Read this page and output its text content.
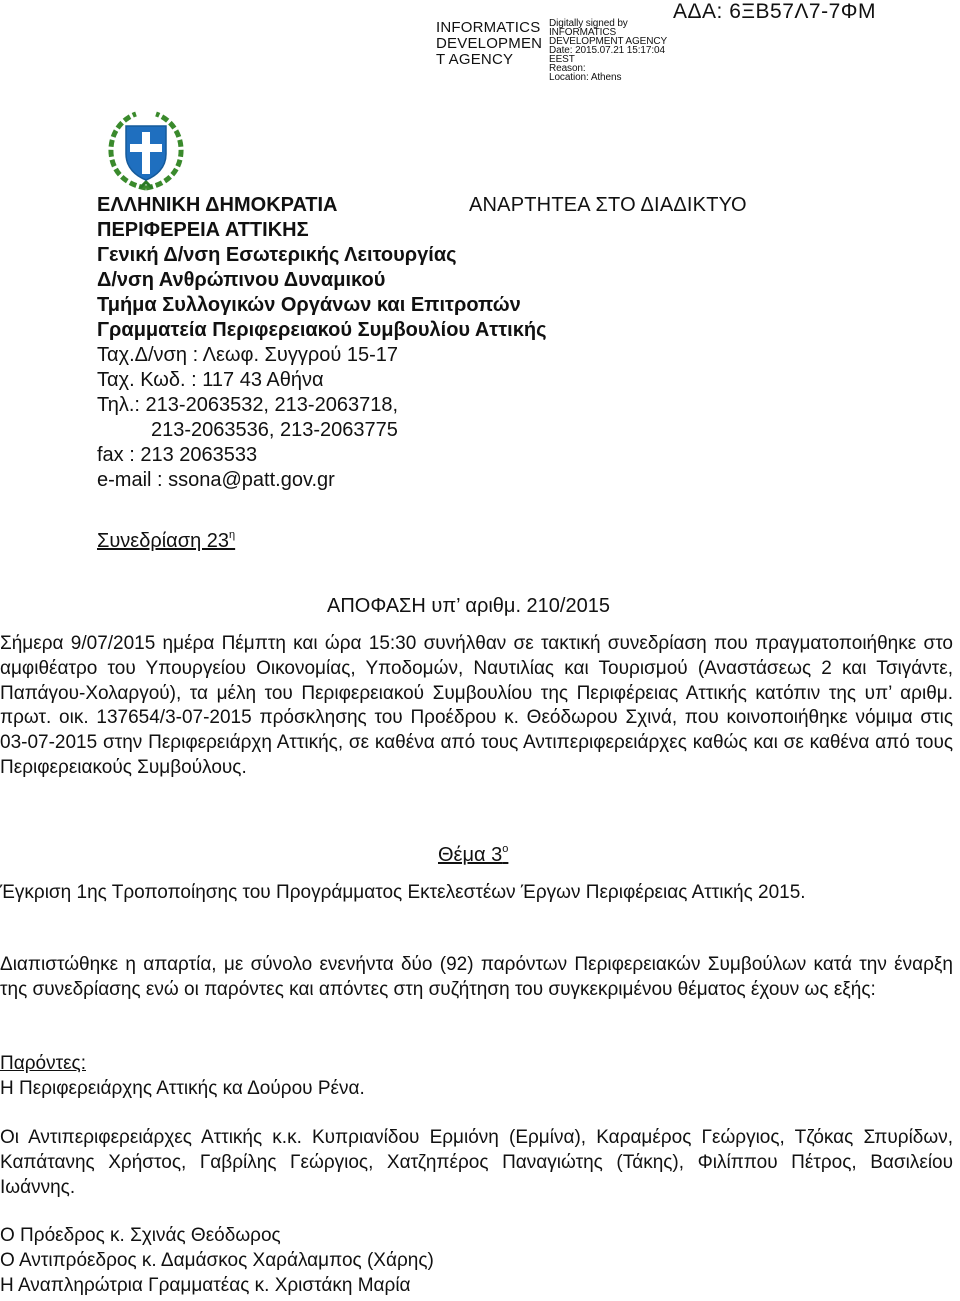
INFORMATICS DEVELOPMENT AGENCY
Digitally signed by
INFORMATICS
DEVELOPMENT AGENCY
Date: 2015.07.21 15:17:04
EEST
Reason:
Location: Athens
ΑΔΑ: 6ΞΒ57Λ7-7ΦΜ
ΕΛΛΗΝΙΚΗ ΔΗΜΟΚΡΑΤΙΑ	ΑΝΑΡΤΗΤΕΑ ΣΤΟ ΔΙΑΔΙΚΤΥΟ
ΠΕΡΙΦΕΡΕΙΑ ΑΤΤΙΚΗΣ
Γενική Δ/νση Εσωτερικής Λειτουργίας
Δ/νση Ανθρώπινου Δυναμικού
Τμήμα Συλλογικών Οργάνων και Επιτροπών
Γραμματεία Περιφερειακού Συμβουλίου Αττικής
Ταχ.Δ/νση : Λεωφ. Συγγρού 15-17
Ταχ. Κωδ. : 117 43 Αθήνα
Τηλ.: 213-2063532, 213-2063718,
213-2063536, 213-2063775
fax : 213 2063533
e-mail : ssona@patt.gov.gr
Συνεδρίαση $23^\eta$
ΑΠΟΦΑΣΗ υπ’ αριθμ. 210/2015
Σήμερα 9/07/2015 ημέρα Πέμπτη και ώρα 15:30 συνήλθαν σε τακτική συνεδρίαση που πραγματοποιήθηκε στο αμφιθέατρο του Υπουργείου Οικονομίας, Υποδομών, Ναυτιλίας και Τουρισμού (Αναστάσεως 2 και Τσιγάντε, Παπάγου-Χολαργού), τα μέλη του Περιφερειακού Συμβουλίου της Περιφέρειας Αττικής κατόπιν της υπ’ αριθμ. πρωτ. οικ. 137654/3-07-2015 πρόσκλησης του Προέδρου κ. Θεόδωρου Σχινά, που κοινοποιήθηκε νόμιμα στις 03-07-2015 στην Περιφερειάρχη Αττικής, σε καθένα από τους Αντιπεριφερειάρχες καθώς και σε καθένα από τους Περιφερειακούς Συμβούλους.
Θέμα $3^o$
Έγκριση 1ης Τροποποίησης του Προγράμματος Εκτελεστέων Έργων Περιφέρειας Αττικής 2015.
Διαπιστώθηκε η απαρτία, με σύνολο ενενήντα δύο (92) παρόντων Περιφερειακών Συμβούλων κατά την έναρξη της συνεδρίασης ενώ οι παρόντες και απόντες στη συζήτηση του συγκεκριμένου θέματος έχουν ως εξής:
Παρόντες:
Η Περιφερειάρχης Αττικής κα Δούρου Ρένα.
Οι Αντιπεριφερειάρχες Αττικής κ.κ. Κυπριανίδου Ερμιόνη (Ερμίνα), Καραμέρος Γεώργιος, Τζόκας Σπυρίδων, Καπάτανης Χρήστος, Γαβρίλης Γεώργιος, Χατζηπέρος Παναγιώτης (Τάκης), Φιλίππου Πέτρος, Βασιλείου Ιωάννης.
Ο Πρόεδρος κ. Σχινάς Θεόδωρος
Ο Αντιπρόεδρος κ. Δαμάσκος Χαράλαμπος (Χάρης)
Η Αναπληρώτρια Γραμματέας κ. Χριστάκη Μαρία
